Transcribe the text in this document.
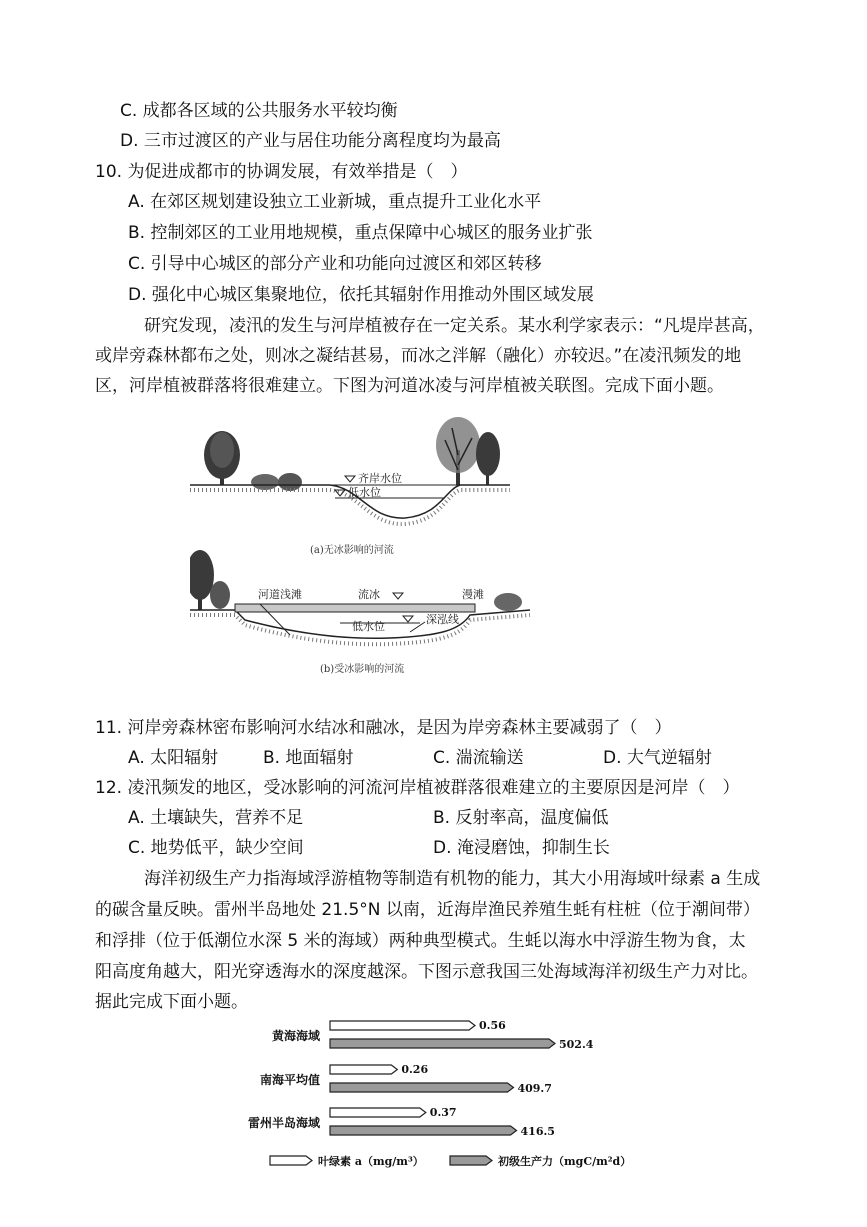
C. 成都各区域的公共服务水平较均衡
D. 三市过渡区的产业与居住功能分离程度均为最高
10. 为促进成都市的协调发展，有效举措是（　）
A. 在郊区规划建设独立工业新城，重点提升工业化水平
B. 控制郊区的工业用地规模，重点保障中心城区的服务业扩张
C. 引导中心城区的部分产业和功能向过渡区和郊区转移
D. 强化中心城区集聚地位，依托其辐射作用推动外围区域发展
研究发现，凌汛的发生与河岸植被存在一定关系。某水利学家表示：“凡堤岸甚高，
或岸旁森林都布之处，则冰之凝结甚易，而冰之泮解（融化）亦较迟。”在凌汛频发的地
区，河岸植被群落将很难建立。下图为河道冰凌与河岸植被关联图。完成下面小题。
齐岸水位
低水位
(a)无冰影响的河流
河道浅滩	流冰	漫滩
低水位
深泓线
(b)受冰影响的河流
11. 河岸旁森林密布影响河水结冰和融冰，是因为岸旁森林主要减弱了（　）
A. 太阳辐射	B. 地面辐射	C. 湍流输送	D. 大气逆辐射
12. 凌汛频发的地区，受冰影响的河流河岸植被群落很难建立的主要原因是河岸（　）
A. 土壤缺失，营养不足	B. 反射率高，温度偏低
C. 地势低平，缺少空间	D. 淹浸磨蚀，抑制生长
海洋初级生产力指海域浮游植物等制造有机物的能力，其大小用海域叶绿素 a 生成
的碳含量反映。雷州半岛地处 21.5°N 以南，近海岸渔民养殖生蚝有柱桩（位于潮间带）
和浮排（位于低潮位水深 5 米的海域）两种典型模式。生蚝以海水中浮游生物为食，太
阳高度角越大，阳光穿透海水的深度越深。下图示意我国三处海域海洋初级生产力对比。
据此完成下面小题。
黄海海域
0.56
502.4
南海平均值
0.26
409.7
雷州半岛海域
0.37
416.5
叶绿素 a（mg/m³）	初级生产力（mgC/m²d）
